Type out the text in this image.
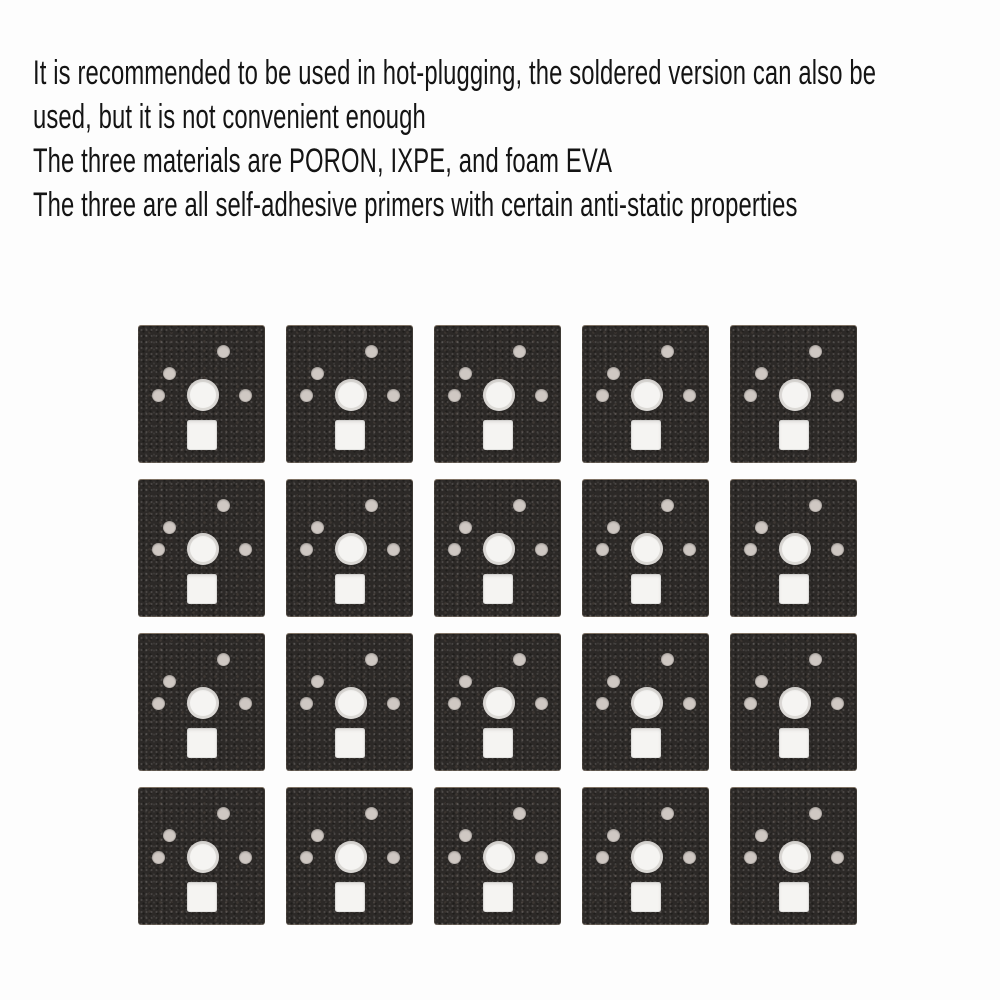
It is recommended to be used in hot-plugging, the soldered version can also be
used, but it is not convenient enough
The three materials are PORON, IXPE, and foam EVA
The three are all self-adhesive primers with certain anti-static properties
